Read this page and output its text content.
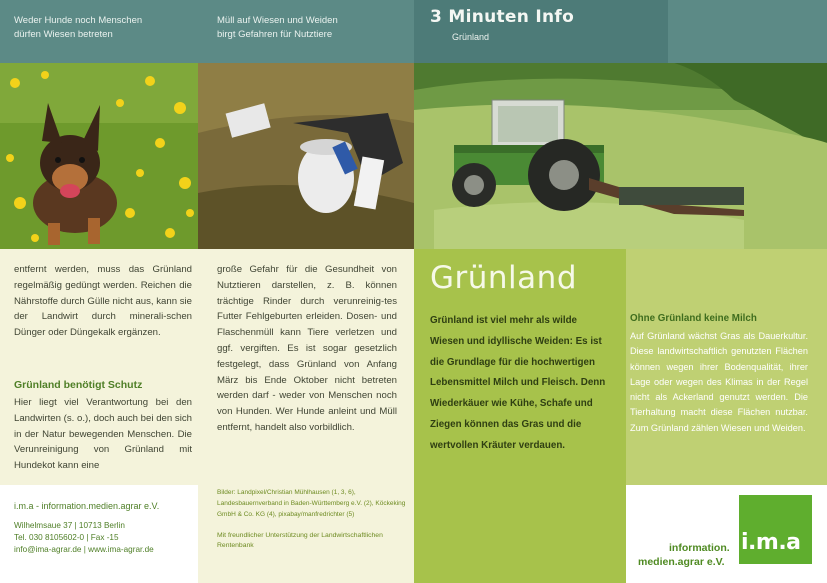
Weder Hunde noch Menschen
dürfen Wiesen betreten
Müll auf Wiesen und Weiden
birgt Gefahren für Nutztiere
3 Minuten Info
Grünland

entfernt werden, muss das Grünland regelmäßig gedüngt werden. Reichen die Nährstoffe durch Gülle nicht aus, kann sie der Landwirt durch minerali-schen Dünger oder Düngekalk ergänzen.

Grünland benötigt Schutz

Hier liegt viel Verantwortung bei den Landwirten (s. o.), doch auch bei den sich in der Natur bewegenden Menschen. Die Verunreinigung von Grünland mit Hundekot kann eine

große Gefahr für die Gesundheit von Nutztieren darstellen, z. B. können trächtige Rinder durch verunreinig-tes Futter Fehlgeburten erleiden. Dosen- und Flaschenmüll kann Tiere verletzen und ggf. vergiften. Es ist sogar gesetzlich festgelegt, dass Grünland von Anfang März bis Ende Oktober nicht betreten werden darf - weder von Menschen noch von Hunden. Wer Hunde anleint und Müll entfernt, handelt also vorbildlich.

Grünland

Grünland ist viel mehr als wilde Wiesen und idyllische Weiden: Es ist die Grundlage für die hochwertigen Lebensmittel Milch und Fleisch. Denn Wiederkäuer wie Kühe, Schafe und Ziegen können das Gras und die wertvollen Kräuter verdauen.

Ohne Grünland keine Milch

Auf Grünland wächst Gras als Dauerkultur. Diese landwirtschaftlich genutzten Flächen können wegen ihrer Bodenqualität, ihrer Lage oder wegen des Klimas in der Regel nicht als Ackerland genutzt werden. Die Tierhaltung macht diese Flächen nutzbar. Zum Grünland zählen Wiesen und Weiden.

i.m.a - information.medien.agrar e.V.
Wilhelmsaue 37 | 10713 Berlin
Tel. 030 8105602-0 | Fax -15
info@ima-agrar.de | www.ima-agrar.de
Bilder: Landpixel/Christian Mühlhausen (1, 3, 6), Landesbauernverband in Baden-Württemberg e.V. (2), Köckeking GmbH & Co. KG (4), pixabay/manfredrichter (5)
Mit freundlicher Unterstützung der Landwirtschaftlichen Rentenbank	i.m.a
information.
medien.agrar e.V.
